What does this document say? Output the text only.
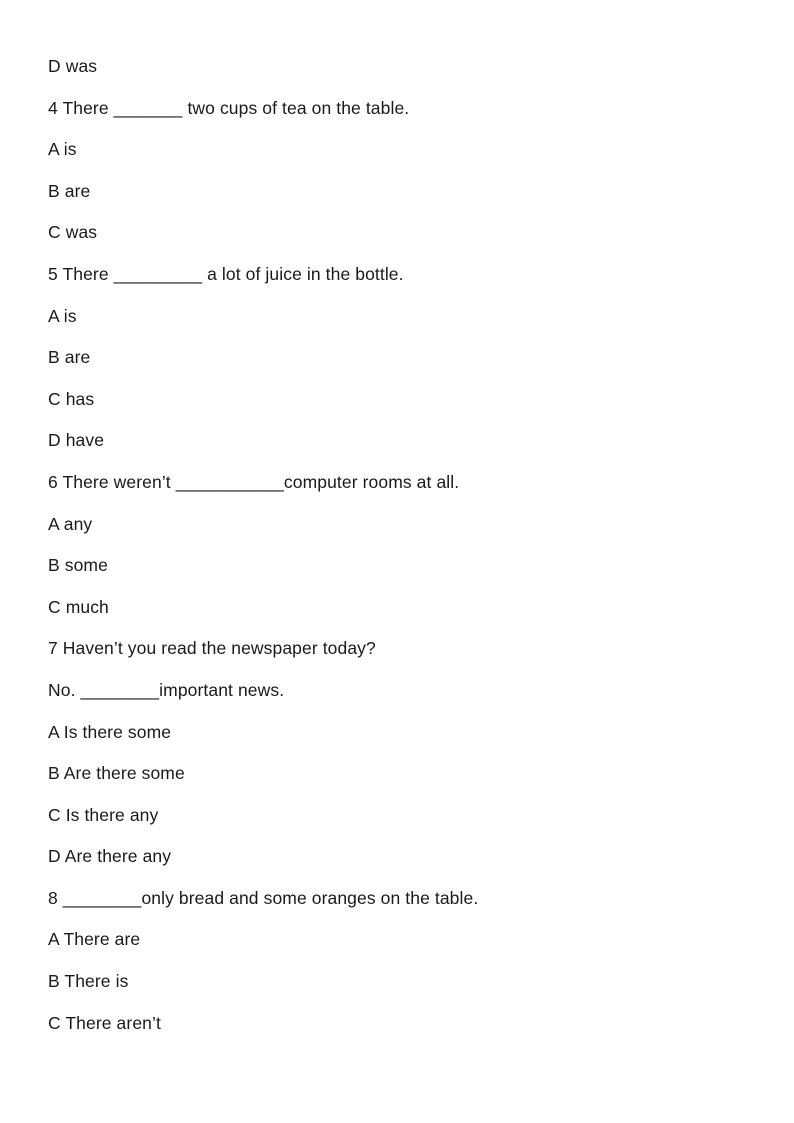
D was
4 There _______ two cups of tea on the table.
A is
B are
C was
5 There _________ a lot of juice in the bottle.
A is
B are
C has
D have
6 There weren’t ___________computer rooms at all.
A any
B some
C much
7 Haven’t you read the newspaper today?
No. ________important news.
A Is there some
B Are there some
C Is there any
D Are there any
8 ________only bread and some oranges on the table.
A There are
B There is
C There aren’t
